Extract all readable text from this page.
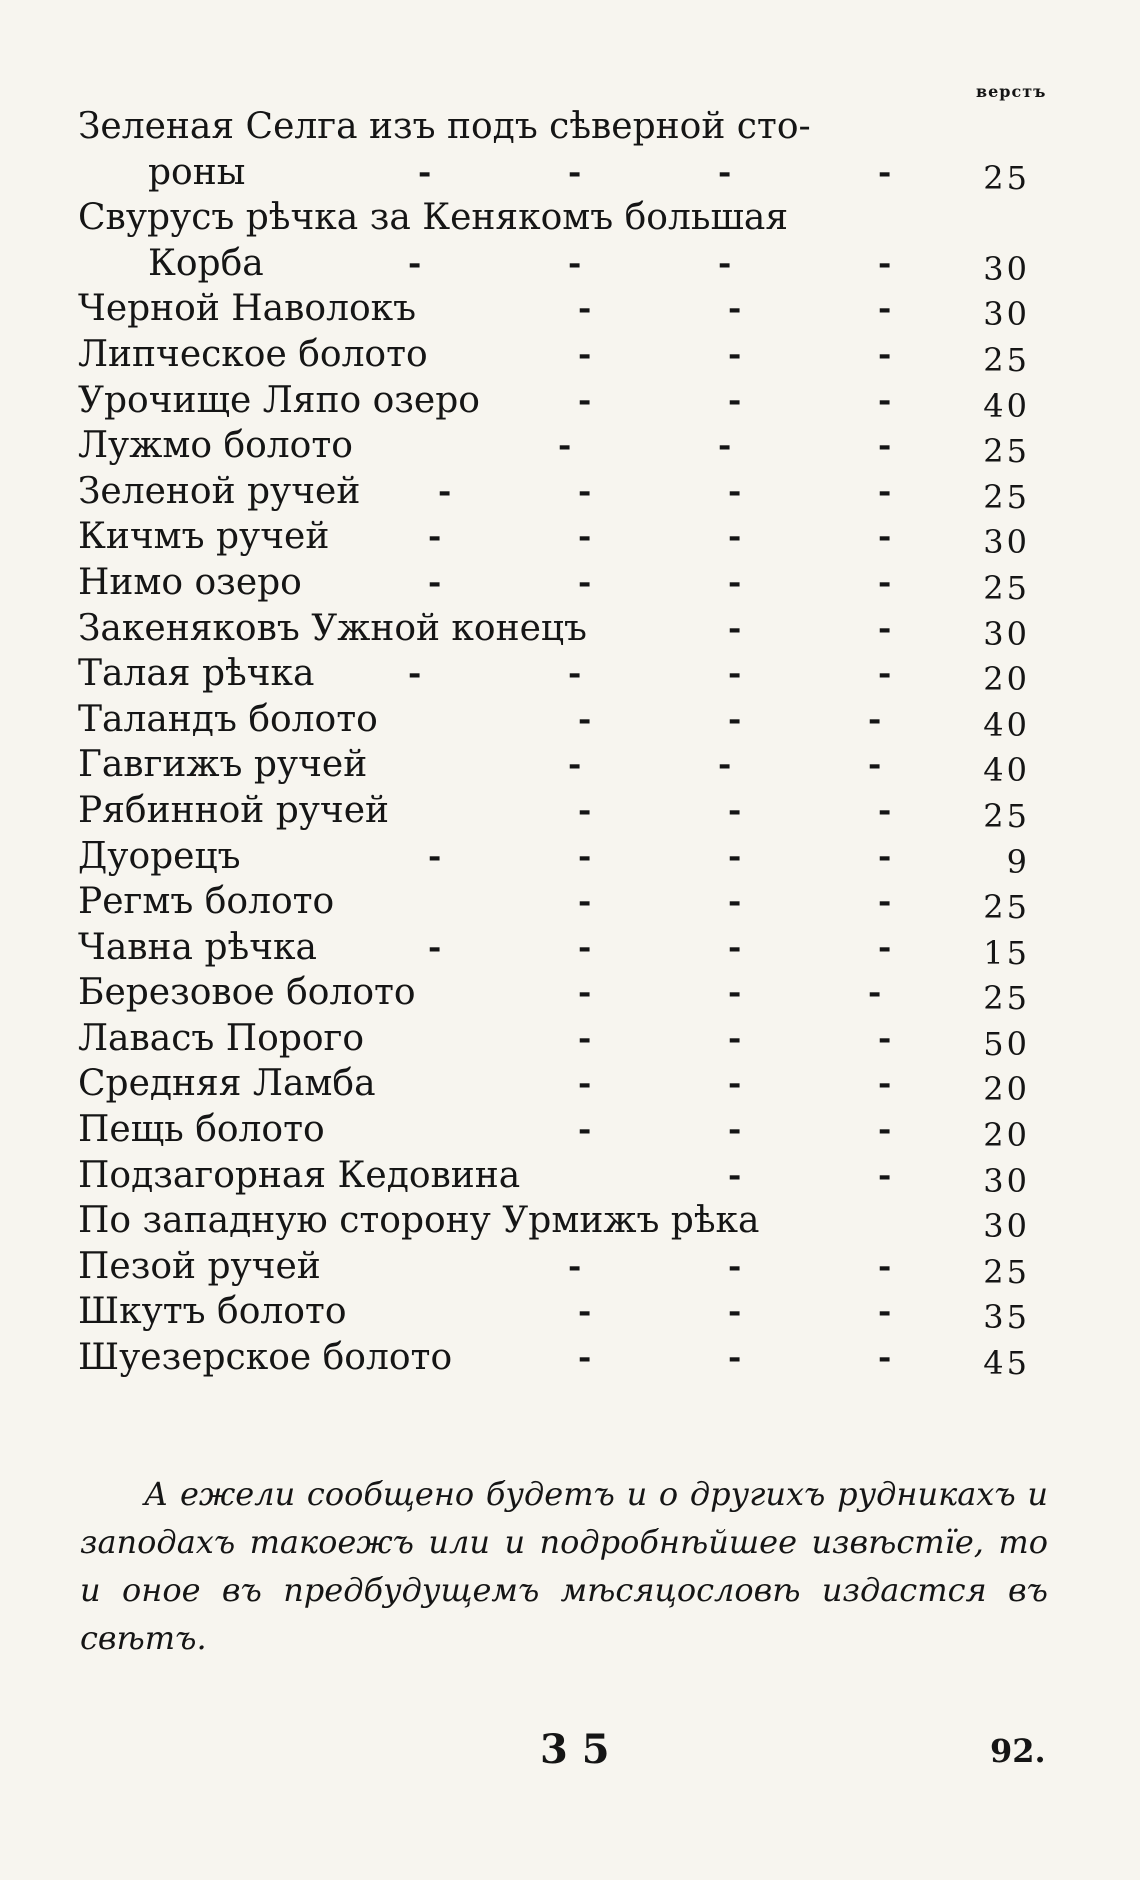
верстъ
Зеленая Селга изъ подъ сѣверной сто-
роны	-	-	-	-	25
Свурусъ рѣчка за Кенякомъ большая
Корба	-	-	-	-	30
Черной Наволокъ	-	-	-	30
Липческое болото	-	-	-	25
Урочище Ляпо озеро	-	-	-	40
Лужмо болото	-	-	-	25
Зеленой ручей -	-	-	-	25
Кичмъ ручей	-	-	-	-	30
Нимо озеро	-	-	-	-	25
Закеняковъ Ужной конецъ	-	-	30
Талая рѣчка	-	-	-	-	20
Таландъ болото	-	-	-	40
Гавгижъ ручей	-	-	-	40
Рябинной ручей	-	-	-	25
Дуорецъ	-	-	-	-	9
Регмъ болото	-	-	-	25
Чавна рѣчка	-	-	-	-	15
Березовое болото	-	-	-	25
Лавасъ Порого	-	-	-	50
Средняя Ламба	-	-	-	20
Пещь болото	-	-	-	20
Подзагорная Кедовина	-	-	30
По западную сторону Урмижъ рѣка	30
Пезой ручей	-	-	-	25
Шкутъ болото	-	-	-	35
Шуезерское болото	-	-	-	45
А ежели сообщено будетъ и о другихъ рудникахъ и заподахъ такоежъ или и подробнѣйшее извѣстїе, то и оное въ предбудущемъ мѣсяцословѣ издастся въ свѣтъ.
3 5	92.
